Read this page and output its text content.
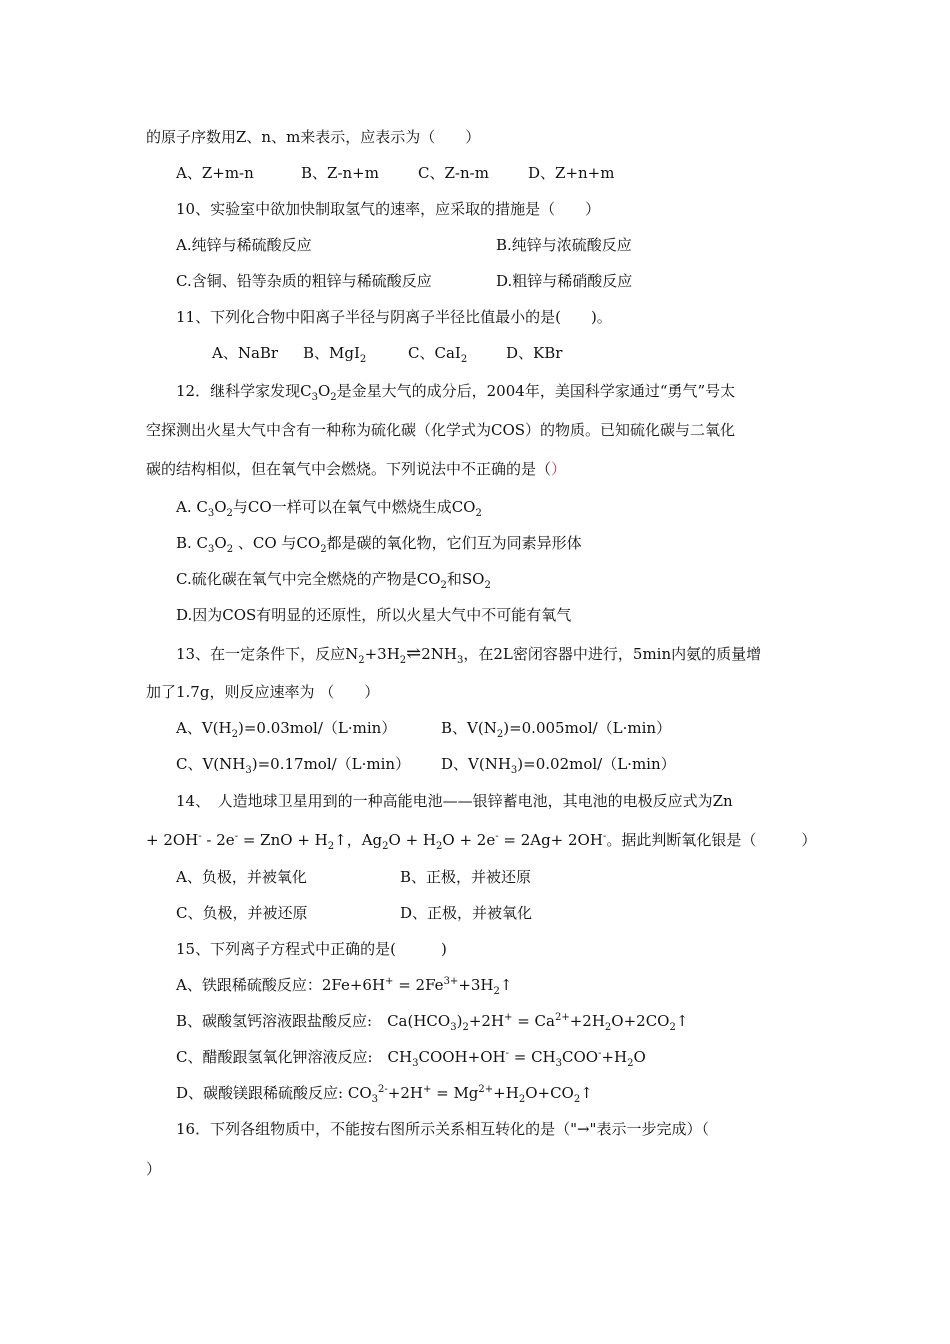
的原子序数用Z、n、m来表示，应表示为（　　）
A、Z+m-n	B、Z-n+m	C、Z-n-m	D、Z+n+m
10、实验室中欲加快制取氢气的速率，应采取的措施是（　　）
A.纯锌与稀硫酸反应	B.纯锌与浓硫酸反应
C.含铜、铅等杂质的粗锌与稀硫酸反应	D.粗锌与稀硝酸反应
11、下列化合物中阳离子半径与阴离子半径比值最小的是(　　)。
A、NaBr B、MgI$_2$	C、CaI$_2$	D、KBr
12．继科学家发现$C_3O_2$是金星大气的成分后，2004年，美国科学家通过“勇气”号太
空探测出火星大气中含有一种称为硫化碳（化学式为COS）的物质。已知硫化碳与二氧化
碳的结构相似，但在氧气中会燃烧。下列说法中不正确的是（）
A. $C_3O_2$与CO一样可以在氧气中燃烧生成$CO_2$
B. $C_3O_2$ 、CO 与$CO_2$都是碳的氧化物，它们互为同素异形体
C.硫化碳在氧气中完全燃烧的产物是$CO_2$和$SO_2$
D.因为COS有明显的还原性，所以火星大气中不可能有氧气
13、在一定条件下，反应$N_2+3H_2\rightleftharpoons 2NH_3$，在2L密闭容器中进行，5min内氨的质量增
加了1.7g，则反应速率为 （　　）
A、$V(H_2)=0.03mol/(L\cdot\min)$	B、$V(N_2)=0.005mol/(L\cdot\min)$
C、$V(NH_3)=0.17mol/(L\cdot\min)$ D、$V(NH_3)=0.02mol/(L\cdot\min)$
14、　人造地球卫星用到的一种高能电池——银锌蓄电池，其电池的电极反应式为Zn
+ 2OH- - 2e- = ZnO + $H_2↑$，$Ag_2O + H_2O + 2e^- = 2Ag+ 2OH^-$。据此判断氧化银是（　　　）
A、负极，并被氧化	B、正极，并被还原
C、负极，并被还原	D、正极，并被氧化
15、下列离子方程式中正确的是(　　　)
A、铁跟稀硫酸反应：$2Fe+6H^+ = 2Fe^{3+}+3H_2↑$
B、碳酸氢钙溶液跟盐酸反应:　$Ca(HCO_3)_2+2H^+$ = $Ca^{2+}+2H_2O+2CO_2↑$
C、醋酸跟氢氧化钾溶液反应:　$CH_3COOH+OH^- = CH_3COO^-+H_2O$
D、碳酸镁跟稀硫酸反应: $CO_3^{2-}+2H^+$ = $Mg^{2+}+H_2O+CO_2↑$
16．下列各组物质中，不能按右图所示关系相互转化的是（"→"表示一步完成）（
）
